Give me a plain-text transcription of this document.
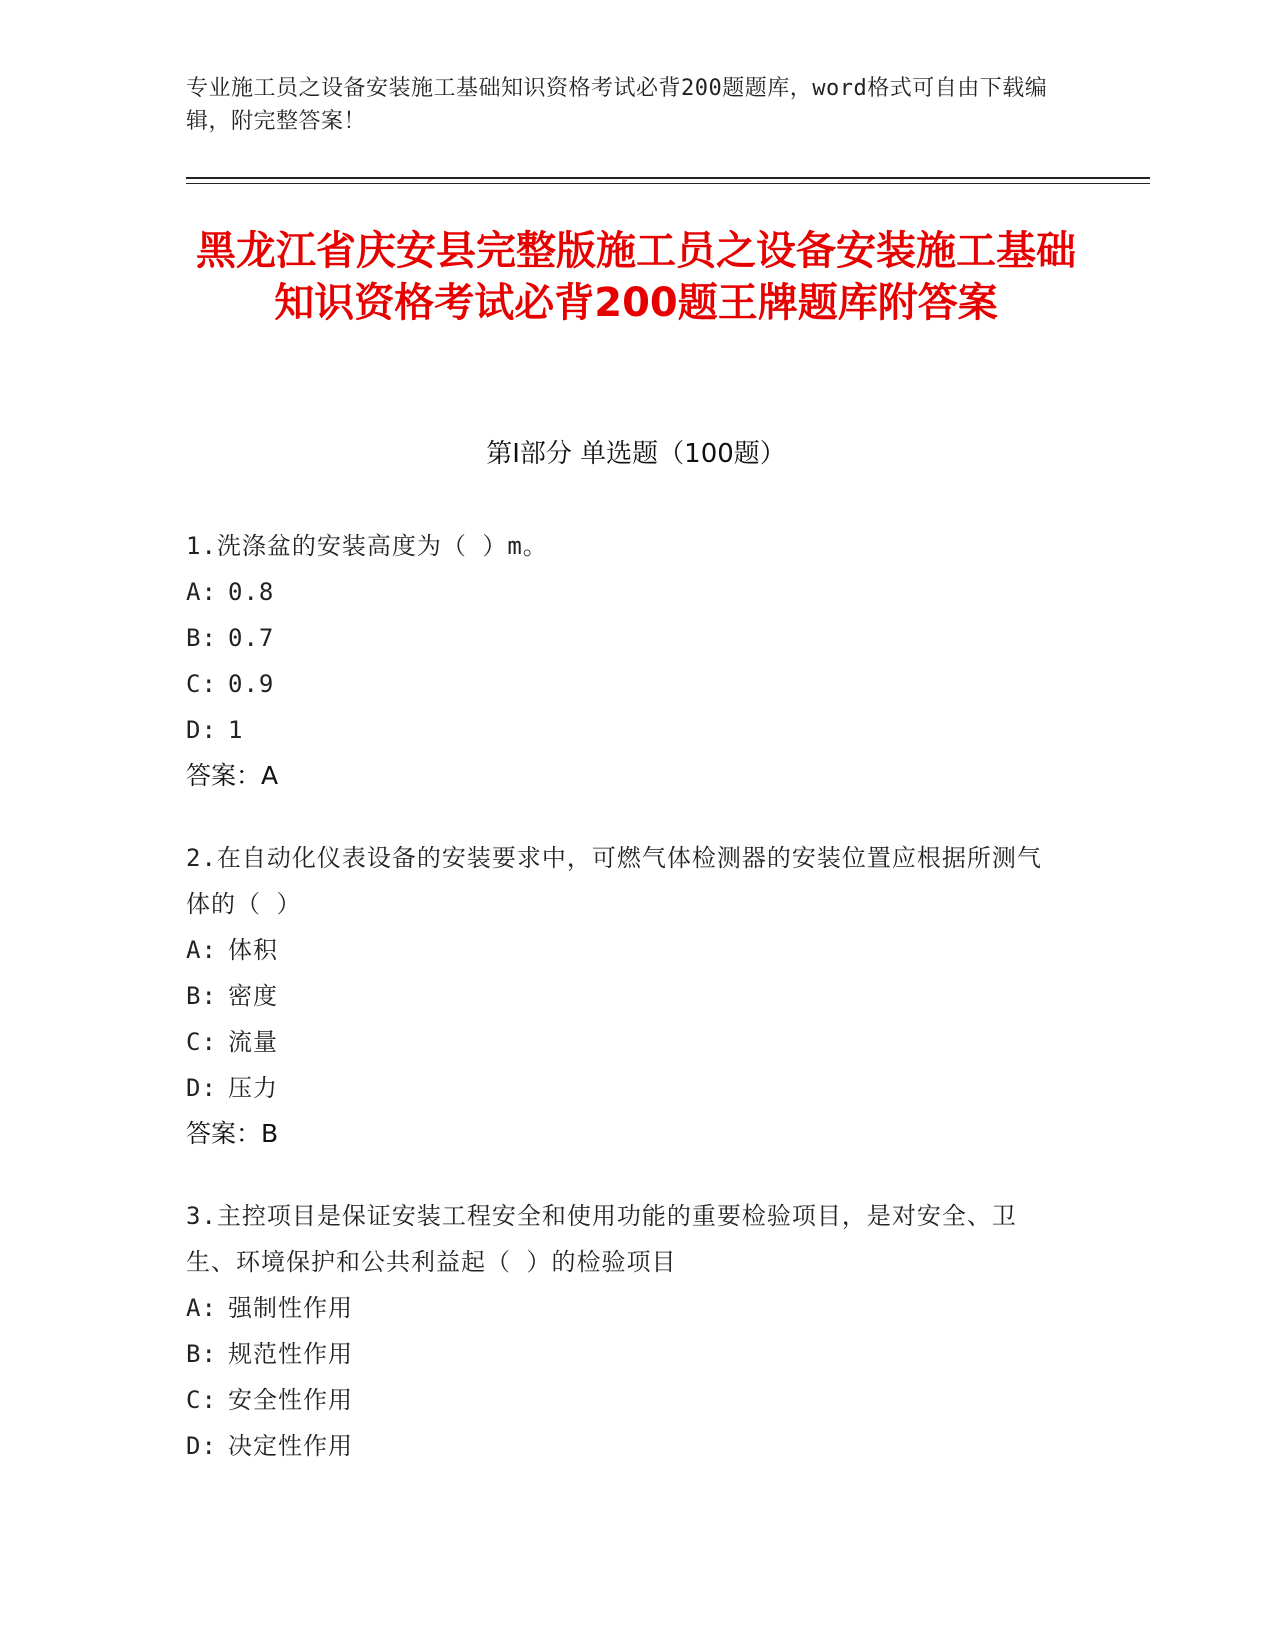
专业施工员之设备安装施工基础知识资格考试必背200题题库，word格式可自由下载编辑，附完整答案！
黑龙江省庆安县完整版施工员之设备安装施工基础知识资格考试必背200题王牌题库附答案
第Ⅰ部分 单选题（100题）
1.洗涤盆的安装高度为（ ）m。
A: 0.8
B: 0.7
C: 0.9
D: 1
答案：A
2.在自动化仪表设备的安装要求中，可燃气体检测器的安装位置应根据所测气体的（ ）
A: 体积
B: 密度
C: 流量
D: 压力
答案：B
3.主控项目是保证安装工程安全和使用功能的重要检验项目，是对安全、卫生、环境保护和公共利益起（ ）的检验项目
A: 强制性作用
B: 规范性作用
C: 安全性作用
D: 决定性作用
